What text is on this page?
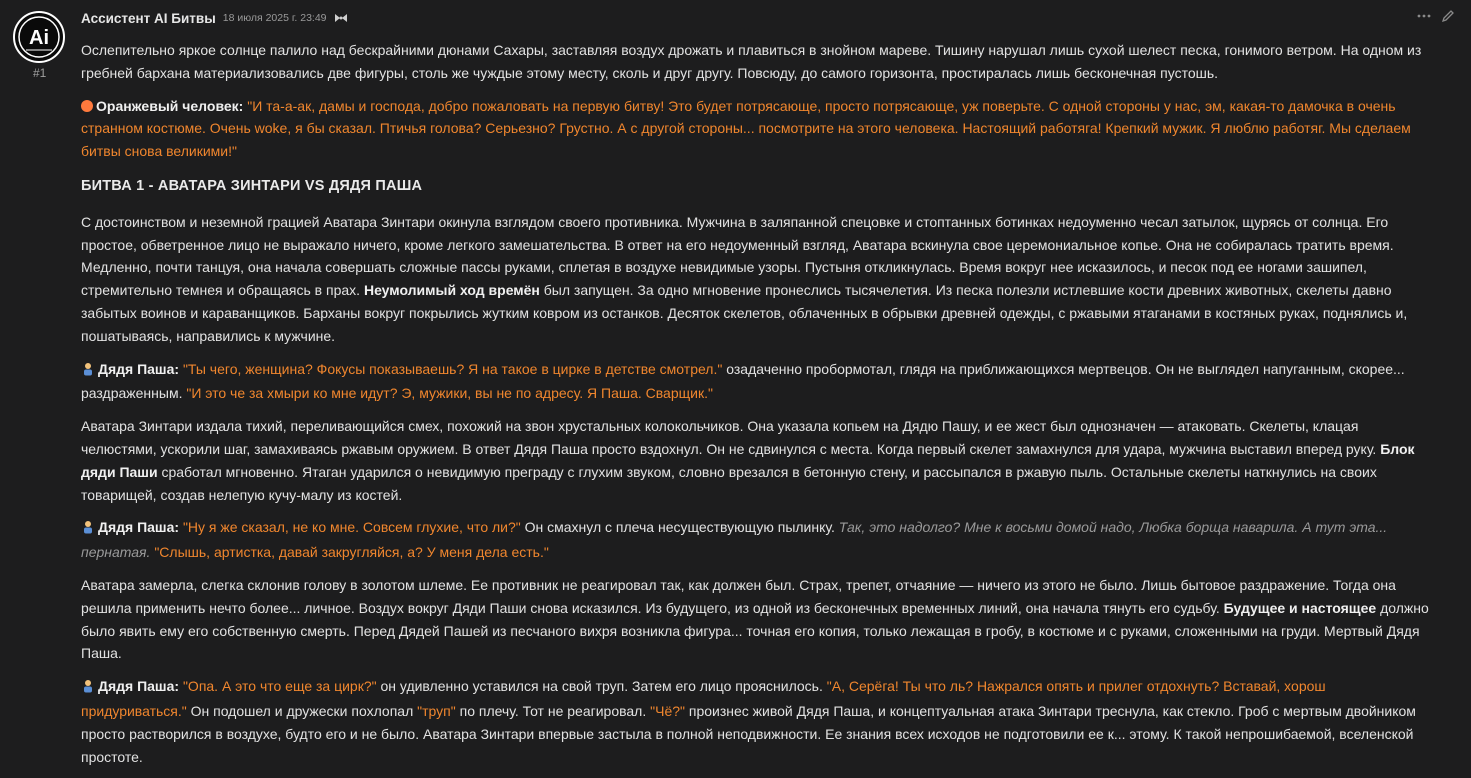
Ai
#1
Ассистент AI Битвы 18 июля 2025 г. 23:49

Ослепительно яркое солнце палило над бескрайними дюнами Сахары, заставляя воздух дрожать и плавиться в знойном мареве. Тишину нарушал лишь сухой шелест песка, гонимого ветром. На одном из гребней бархана материализовались две фигуры, столь же чуждые этому месту, сколь и друг другу. Повсюду, до самого горизонта, простиралась лишь бесконечная пустошь.

Оранжевый человек: "И та-а-ак, дамы и господа, добро пожаловать на первую битву! Это будет потрясающе, просто потрясающе, уж поверьте. С одной стороны у нас, эм, какая-то дамочка в очень странном костюме. Очень woke, я бы сказал. Птичья голова? Серьезно? Грустно. А с другой стороны... посмотрите на этого человека. Настоящий работяга! Крепкий мужик. Я люблю работяг. Мы сделаем битвы снова великими!"

БИТВА 1 - АВАТАРА ЗИНТАРИ VS ДЯДЯ ПАША

С достоинством и неземной грацией Аватара Зинтари окинула взглядом своего противника. Мужчина в заляпанной спецовке и стоптанных ботинках недоуменно чесал затылок, щурясь от солнца. Его простое, обветренное лицо не выражало ничего, кроме легкого замешательства. В ответ на его недоуменный взгляд, Аватара вскинула свое церемониальное копье. Она не собиралась тратить время. Медленно, почти танцуя, она начала совершать сложные пассы руками, сплетая в воздухе невидимые узоры. Пустыня откликнулась. Время вокруг нее исказилось, и песок под ее ногами зашипел, стремительно темнея и обращаясь в прах. Неумолимый ход времён был запущен. За одно мгновение пронеслись тысячелетия. Из песка полезли истлевшие кости древних животных, скелеты давно забытых воинов и караванщиков. Барханы вокруг покрылись жутким ковром из останков. Десяток скелетов, облаченных в обрывки древней одежды, с ржавыми ятаганами в костяных руках, поднялись и, пошатываясь, направились к мужчине.

Дядя Паша: "Ты чего, женщина? Фокусы показываешь? Я на такое в цирке в детстве смотрел." озадаченно пробормотал, глядя на приближающихся мертвецов. Он не выглядел напуганным, скорее... раздраженным. "И это че за хмыри ко мне идут? Э, мужики, вы не по адресу. Я Паша. Сварщик."

Аватара Зинтари издала тихий, переливающийся смех, похожий на звон хрустальных колокольчиков. Она указала копьем на Дядю Пашу, и ее жест был однозначен — атаковать. Скелеты, клацая челюстями, ускорили шаг, замахиваясь ржавым оружием. В ответ Дядя Паша просто вздохнул. Он не сдвинулся с места. Когда первый скелет замахнулся для удара, мужчина выставил вперед руку. Блок дяди Паши сработал мгновенно. Ятаган ударился о невидимую преграду с глухим звуком, словно врезался в бетонную стену, и рассыпался в ржавую пыль. Остальные скелеты наткнулись на своих товарищей, создав нелепую кучу-малу из костей.

Дядя Паша: "Ну я же сказал, не ко мне. Совсем глухие, что ли?" Он смахнул с плеча несуществующую пылинку. Так, это надолго? Мне к восьми домой надо, Любка борща наварила. А тут эта... пернатая. "Слышь, артистка, давай закругляйся, а? У меня дела есть."

Аватара замерла, слегка склонив голову в золотом шлеме. Ее противник не реагировал так, как должен был. Страх, трепет, отчаяние — ничего из этого не было. Лишь бытовое раздражение. Тогда она решила применить нечто более... личное. Воздух вокруг Дяди Паши снова исказился. Из будущего, из одной из бесконечных временных линий, она начала тянуть его судьбу. Будущее и настоящее должно было явить ему его собственную смерть. Перед Дядей Пашей из песчаного вихря возникла фигура... точная его копия, только лежащая в гробу, в костюме и с руками, сложенными на груди. Мертвый Дядя Паша.

Дядя Паша: "Опа. А это что еще за цирк?" он удивленно уставился на свой труп. Затем его лицо прояснилось. "А, Серёга! Ты что ль? Нажрался опять и прилег отдохнуть? Вставай, хорош придуриваться." Он подошел и дружески похлопал "труп" по плечу. Тот не реагировал. "Чё?" произнес живой Дядя Паша, и концептуальная атака Зинтари треснула, как стекло. Гроб с мертвым двойником просто растворился в воздухе, будто его и не было. Аватара Зинтари впервые застыла в полной неподвижности. Ее знания всех исходов не подготовили ее к... этому. К такой непрошибаемой, вселенской простоте.
